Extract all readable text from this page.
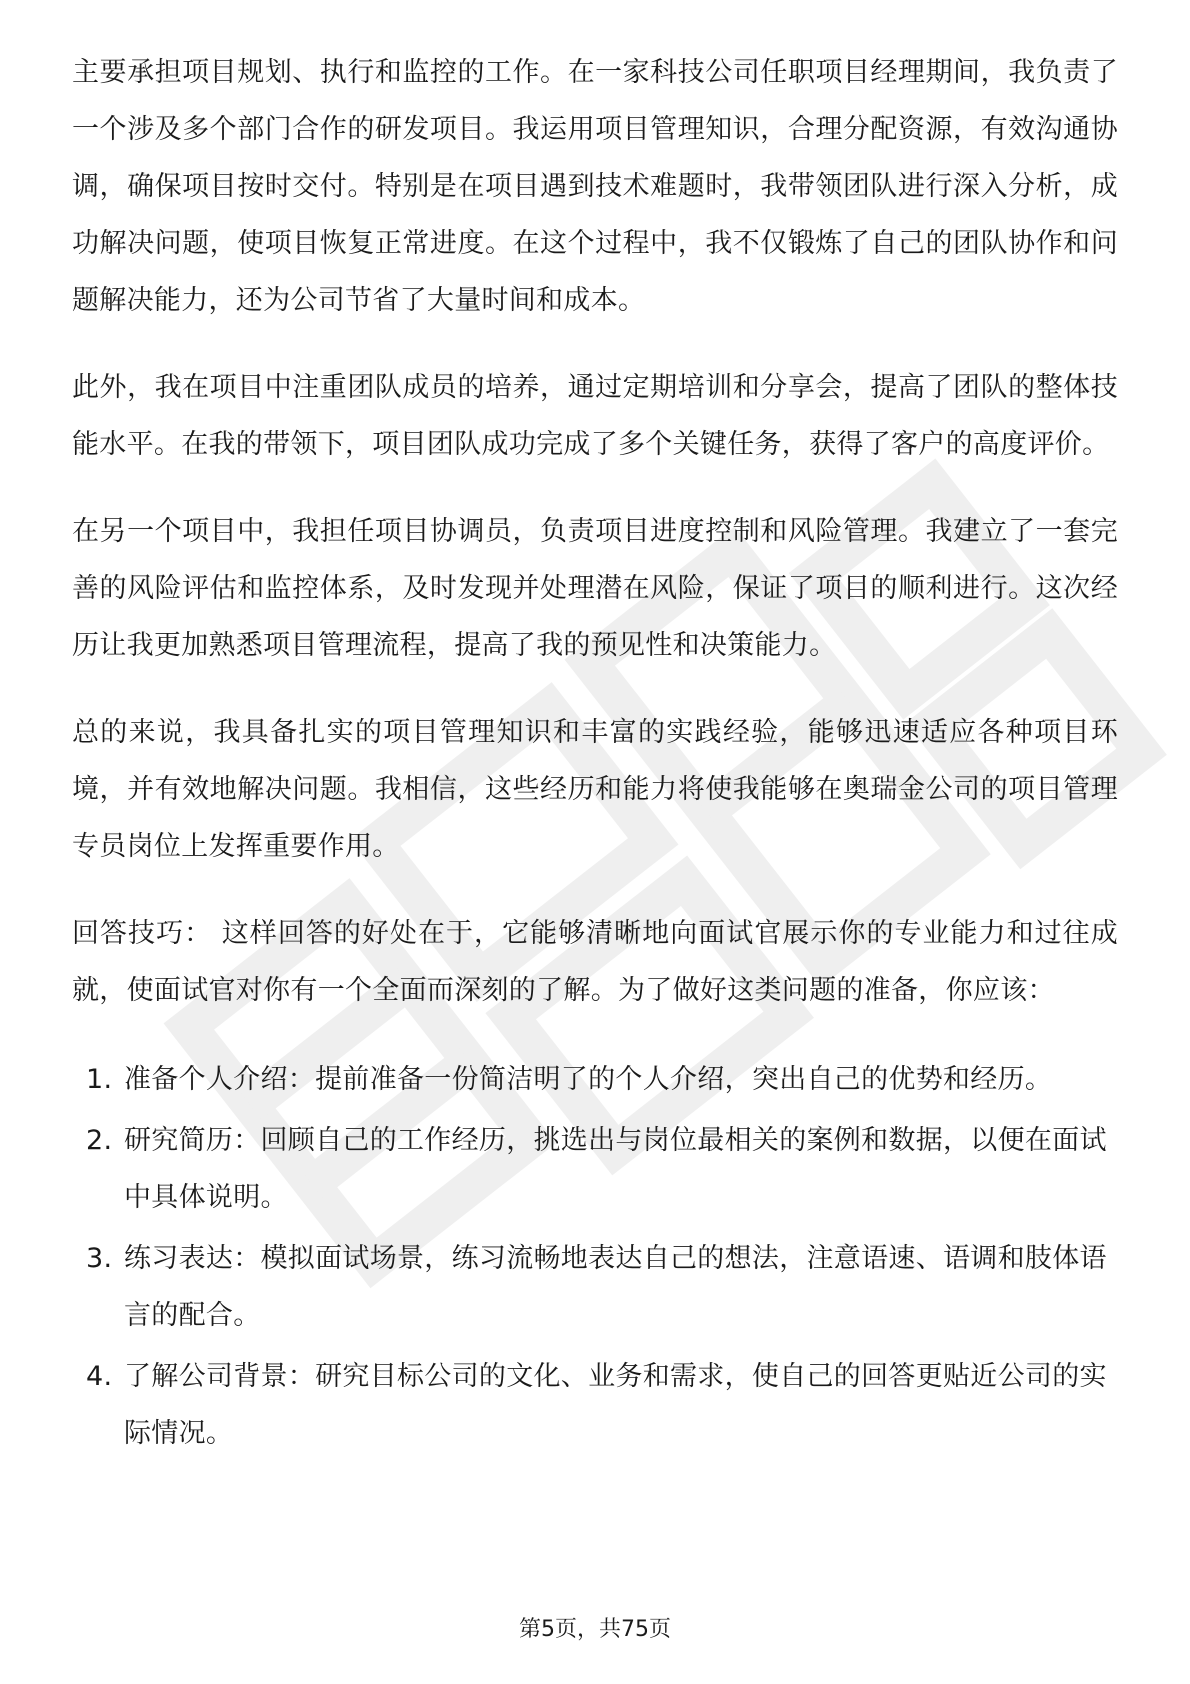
主要承担项目规划、执行和监控的工作。在一家科技公司任职项目经理期间，我负责了一个涉及多个部门合作的研发项目。我运用项目管理知识，合理分配资源，有效沟通协调，确保项目按时交付。特别是在项目遇到技术难题时，我带领团队进行深入分析，成功解决问题，使项目恢复正常进度。在这个过程中，我不仅锻炼了自己的团队协作和问题解决能力，还为公司节省了大量时间和成本。

此外，我在项目中注重团队成员的培养，通过定期培训和分享会，提高了团队的整体技能水平。在我的带领下，项目团队成功完成了多个关键任务，获得了客户的高度评价。

在另一个项目中，我担任项目协调员，负责项目进度控制和风险管理。我建立了一套完善的风险评估和监控体系，及时发现并处理潜在风险，保证了项目的顺利进行。这次经历让我更加熟悉项目管理流程，提高了我的预见性和决策能力。

总的来说，我具备扎实的项目管理知识和丰富的实践经验，能够迅速适应各种项目环境，并有效地解决问题。我相信，这些经历和能力将使我能够在奥瑞金公司的项目管理专员岗位上发挥重要作用。

回答技巧： 这样回答的好处在于，它能够清晰地向面试官展示你的专业能力和过往成就，使面试官对你有一个全面而深刻的了解。为了做好这类问题的准备，你应该：

1. 准备个人介绍：提前准备一份简洁明了的个人介绍，突出自己的优势和经历。
2. 研究简历：回顾自己的工作经历，挑选出与岗位最相关的案例和数据，以便在面试中具体说明。
3. 练习表达：模拟面试场景，练习流畅地表达自己的想法，注意语速、语调和肢体语言的配合。
4. 了解公司背景：研究目标公司的文化、业务和需求，使自己的回答更贴近公司的实际情况。
第5页，共75页
